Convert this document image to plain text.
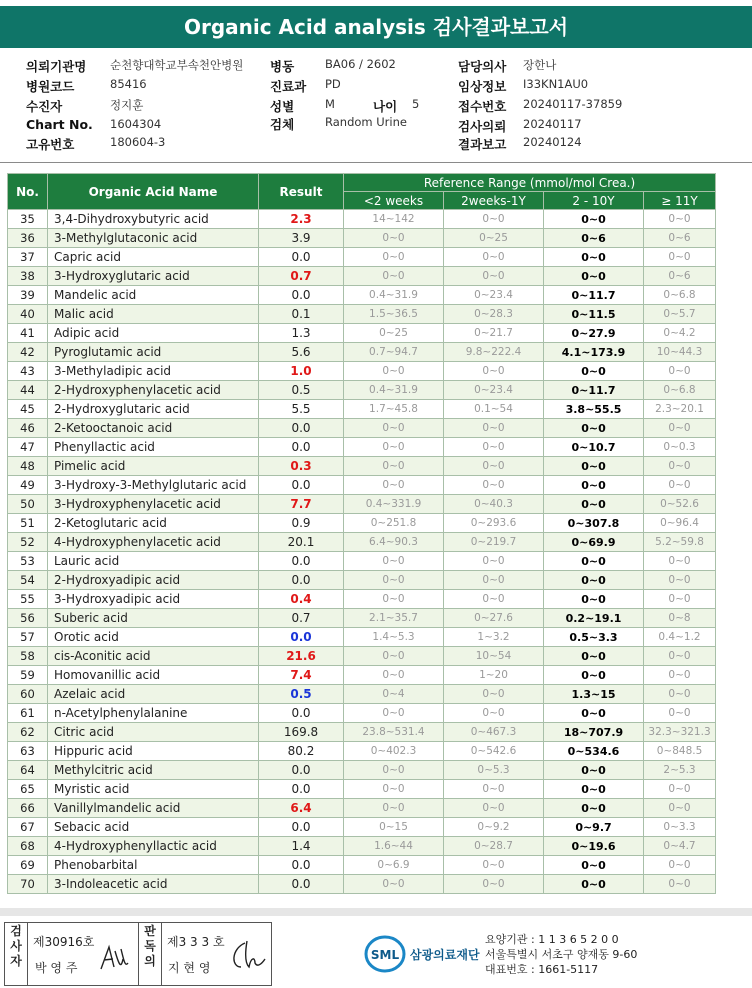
Organic Acid analysis 검사결과보고서
의뢰기관명 순천향대학교부속천안병원
병원코드	85416
수진자	정지훈
Chart No. 1604304
고유번호	180604-3
병동	BA06 / 2602
진료과 PD
성별	M	나이 5
검체	Random Urine
담당의사 장한나
임상정보 I33KN1AU0
접수번호 20240117-37859
검사의뢰 20240117
결과보고 20240124
No.	Organic Acid Name	Result	Reference Range (mmol/mol Crea.)			
			<2 weeks	2weeks-1Y	2 - 10Y	≥ 11Y
35	3,4-Dihydroxybutyric acid	2.3	14~142	0~0	0~0	0~0
36	3-Methylglutaconic acid	3.9	0~0	0~25	0~6	0~6
37	Capric acid	0.0	0~0	0~0	0~0	0~0
38	3-Hydroxyglutaric acid	0.7	0~0	0~0	0~0	0~6
39	Mandelic acid	0.0	0.4~31.9	0~23.4	0~11.7	0~6.8
40	Malic acid	0.1	1.5~36.5	0~28.3	0~11.5	0~5.7
41	Adipic acid	1.3	0~25	0~21.7	0~27.9	0~4.2
42	Pyroglutamic acid	5.6	0.7~94.7	9.8~222.4	4.1~173.9	10~44.3
43	3-Methyladipic acid	1.0	0~0	0~0	0~0	0~0
44	2-Hydroxyphenylacetic acid	0.5	0.4~31.9	0~23.4	0~11.7	0~6.8
45	2-Hydroxyglutaric acid	5.5	1.7~45.8	0.1~54	3.8~55.5	2.3~20.1
46	2-Ketooctanoic acid	0.0	0~0	0~0	0~0	0~0
47	Phenyllactic acid	0.0	0~0	0~0	0~10.7	0~0.3
48	Pimelic acid	0.3	0~0	0~0	0~0	0~0
49	3-Hydroxy-3-Methylglutaric acid	0.0	0~0	0~0	0~0	0~0
50	3-Hydroxyphenylacetic acid	7.7	0.4~331.9	0~40.3	0~0	0~52.6
51	2-Ketoglutaric acid	0.9	0~251.8	0~293.6	0~307.8	0~96.4
52	4-Hydroxyphenylacetic acid	20.1	6.4~90.3	0~219.7	0~69.9	5.2~59.8
53	Lauric acid	0.0	0~0	0~0	0~0	0~0
54	2-Hydroxyadipic acid	0.0	0~0	0~0	0~0	0~0
55	3-Hydroxyadipic acid	0.4	0~0	0~0	0~0	0~0
56	Suberic acid	0.7	2.1~35.7	0~27.6	0.2~19.1	0~8
57	Orotic acid	0.0	1.4~5.3	1~3.2	0.5~3.3	0.4~1.2
58	cis-Aconitic acid	21.6	0~0	10~54	0~0	0~0
59	Homovanillic acid	7.4	0~0	1~20	0~0	0~0
60	Azelaic acid	0.5	0~4	0~0	1.3~15	0~0
61	n-Acetylphenylalanine	0.0	0~0	0~0	0~0	0~0
62	Citric acid	169.8	23.8~531.4	0~467.3	18~707.9	32.3~321.3
63	Hippuric acid	80.2	0~402.3	0~542.6	0~534.6	0~848.5
64	Methylcitric acid	0.0	0~0	0~5.3	0~0	2~5.3
65	Myristic acid	0.0	0~0	0~0	0~0	0~0
66	Vanillylmandelic acid	6.4	0~0	0~0	0~0	0~0
67	Sebacic acid	0.0	0~15	0~9.2	0~9.7	0~3.3
68	4-Hydroxyphenyllactic acid	1.4	1.6~44	0~28.7	0~19.6	0~4.7
69	Phenobarbital	0.0	0~6.9	0~0	0~0	0~0
70	3-Indoleacetic acid	0.0	0~0	0~0	0~0	0~0
검사자
제30916호
박 영 주
판독의
제3 3 3 호
지 현 영
SML 삼광의료재단
요양기관 : 1 1 3 6 5 2 0 0
서울특별시 서초구 양재동 9-60
대표번호 : 1661-5117
